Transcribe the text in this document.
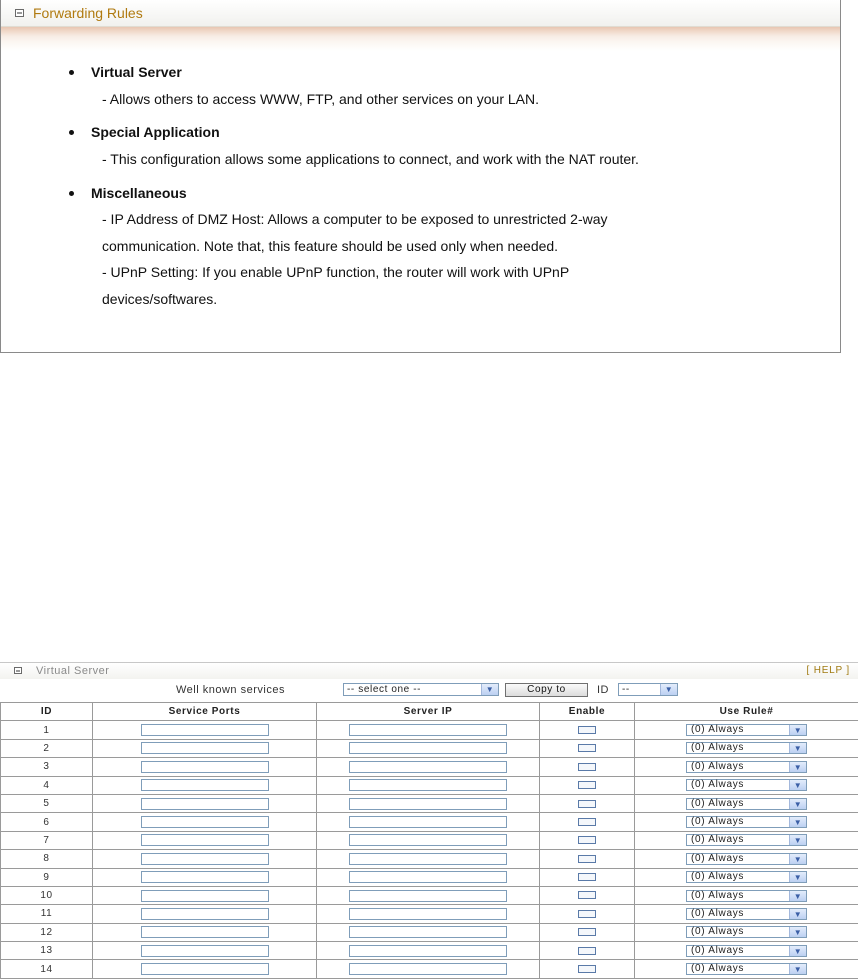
Forwarding Rules
Virtual Server
- Allows others to access WWW, FTP, and other services on your LAN.
Special Application
- This configuration allows some applications to connect, and work with the NAT router.
Miscellaneous
- IP Address of DMZ Host: Allows a computer to be exposed to unrestricted 2-way
communication. Note that, this feature should be used only when needed.
- UPnP Setting: If you enable UPnP function, the router will work with UPnP
devices/softwares.
Virtual Server	[ HELP ]
Well known services	-- select one --	▼	Copy to	ID	--	▼
ID	Service Ports	Server IP	Enable	Use Rule#
1				(0) Always ▼

2				(0) Always ▼

3				(0) Always ▼

4				(0) Always ▼

5				(0) Always ▼

6				(0) Always ▼

7				(0) Always ▼

8				(0) Always ▼

9				(0) Always ▼

10				(0) Always ▼

11				(0) Always ▼

12				(0) Always ▼

13				(0) Always ▼

14				(0) Always ▼
